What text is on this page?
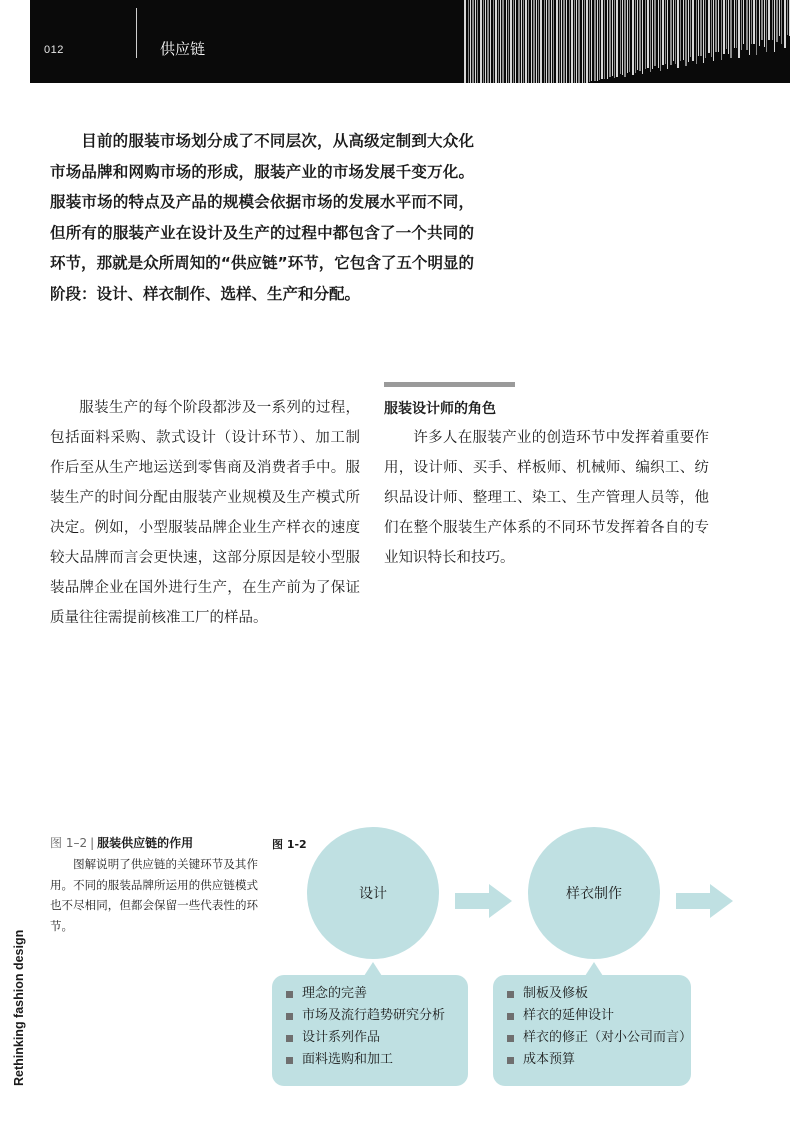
012	供应链
目前的服装市场划分成了不同层次，从高级定制到大众化市场品牌和网购市场的形成，服装产业的市场发展千变万化。服装市场的特点及产品的规模会依据市场的发展水平而不同，但所有的服装产业在设计及生产的过程中都包含了一个共同的环节，那就是众所周知的“供应链”环节，它包含了五个明显的阶段：设计、样衣制作、选样、生产和分配。
服装生产的每个阶段都涉及一系列的过程，包括面料采购、款式设计（设计环节）、加工制作后至从生产地运送到零售商及消费者手中。服装生产的时间分配由服装产业规模及生产模式所决定。例如，小型服装品牌企业生产样衣的速度较大品牌而言会更快速，这部分原因是较小型服装品牌企业在国外进行生产，在生产前为了保证质量往往需提前核准工厂的样品。
服装设计师的角色
许多人在服装产业的创造环节中发挥着重要作用，设计师、买手、样板师、机械师、编织工、纺织品设计师、整理工、染工、生产管理人员等，他们在整个服装生产体系的不同环节发挥着各自的专业知识特长和技巧。
图 1–2 | 服装供应链的作用
图解说明了供应链的关键环节及其作用。不同的服装品牌所运用的供应链模式也不尽相同，但都会保留一些代表性的环节。
Rethinking fashion design
图 1-2
设计	样衣制作
理念的完善
市场及流行趋势研究分析
设计系列作品
面料选购和加工
制板及修板
样衣的延伸设计
样衣的修正（对小公司而言）
成本预算
